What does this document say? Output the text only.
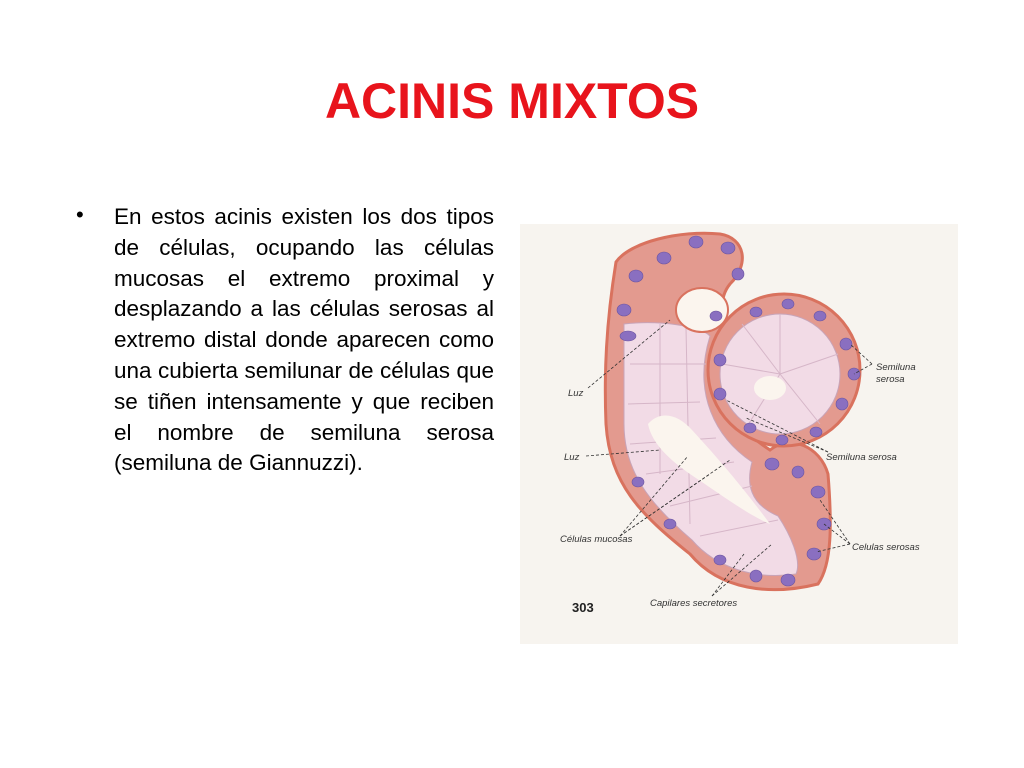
ACINIS MIXTOS
• En estos acinis existen los dos tipos de células, ocupando las células mucosas el extremo proximal y desplazando a las células serosas al extremo distal donde aparecen como una cubierta semilunar de células que se tiñen intensamente y que reciben el nombre de semiluna serosa (semiluna de Giannuzzi).
Luz
Luz
Semiluna
serosa
Semiluna serosa
Células mucosas
Celulas serosas
Capilares secretores
303
